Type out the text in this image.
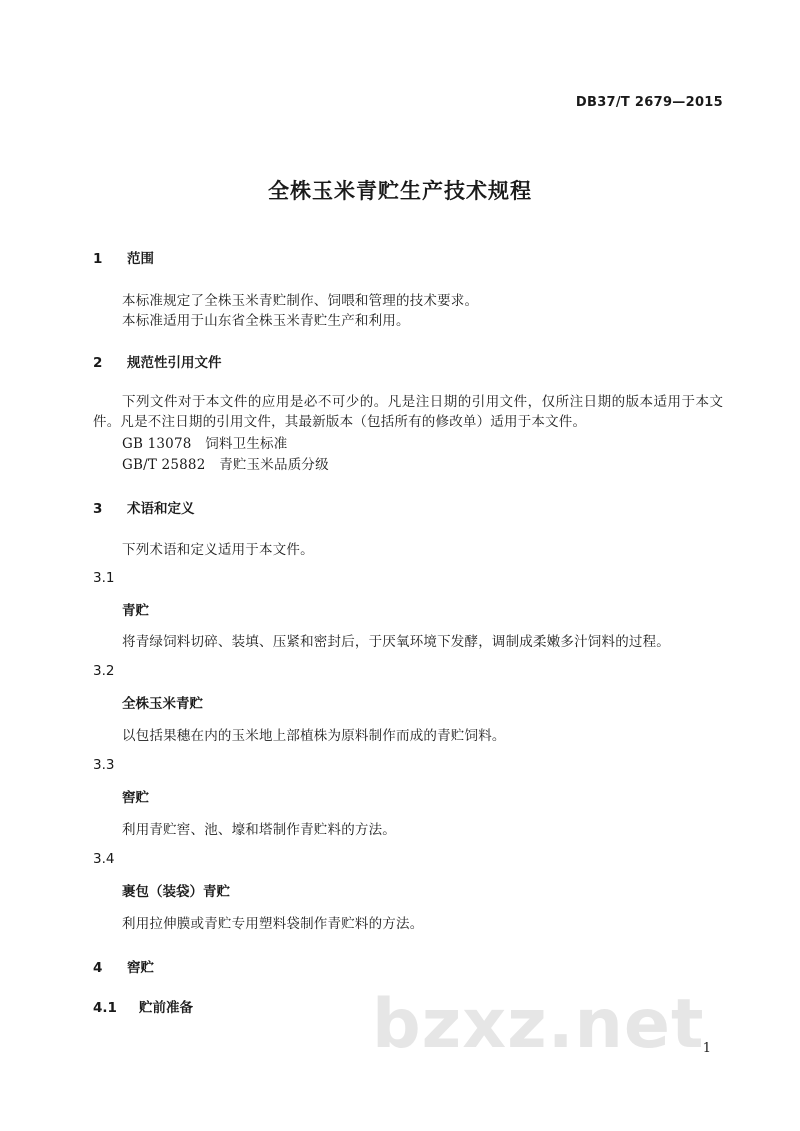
DB37/T 2679—2015
全株玉米青贮生产技术规程
1 范围
本标准规定了全株玉米青贮制作、饲喂和管理的技术要求。
本标准适用于山东省全株玉米青贮生产和利用。
2 规范性引用文件
下列文件对于本文件的应用是必不可少的。凡是注日期的引用文件，仅所注日期的版本适用于本文
件。凡是不注日期的引用文件，其最新版本（包括所有的修改单）适用于本文件。
GB 13078　饲料卫生标准
GB/T 25882　青贮玉米品质分级
3 术语和定义
下列术语和定义适用于本文件。
3.1
青贮
将青绿饲料切碎、装填、压紧和密封后，于厌氧环境下发酵，调制成柔嫩多汁饲料的过程。
3.2
全株玉米青贮
以包括果穗在内的玉米地上部植株为原料制作而成的青贮饲料。
3.3
窖贮
利用青贮窖、池、壕和塔制作青贮料的方法。
3.4
裹包（装袋）青贮
利用拉伸膜或青贮专用塑料袋制作青贮料的方法。
4 窖贮
4.1 贮前准备	bzxz.net
1
